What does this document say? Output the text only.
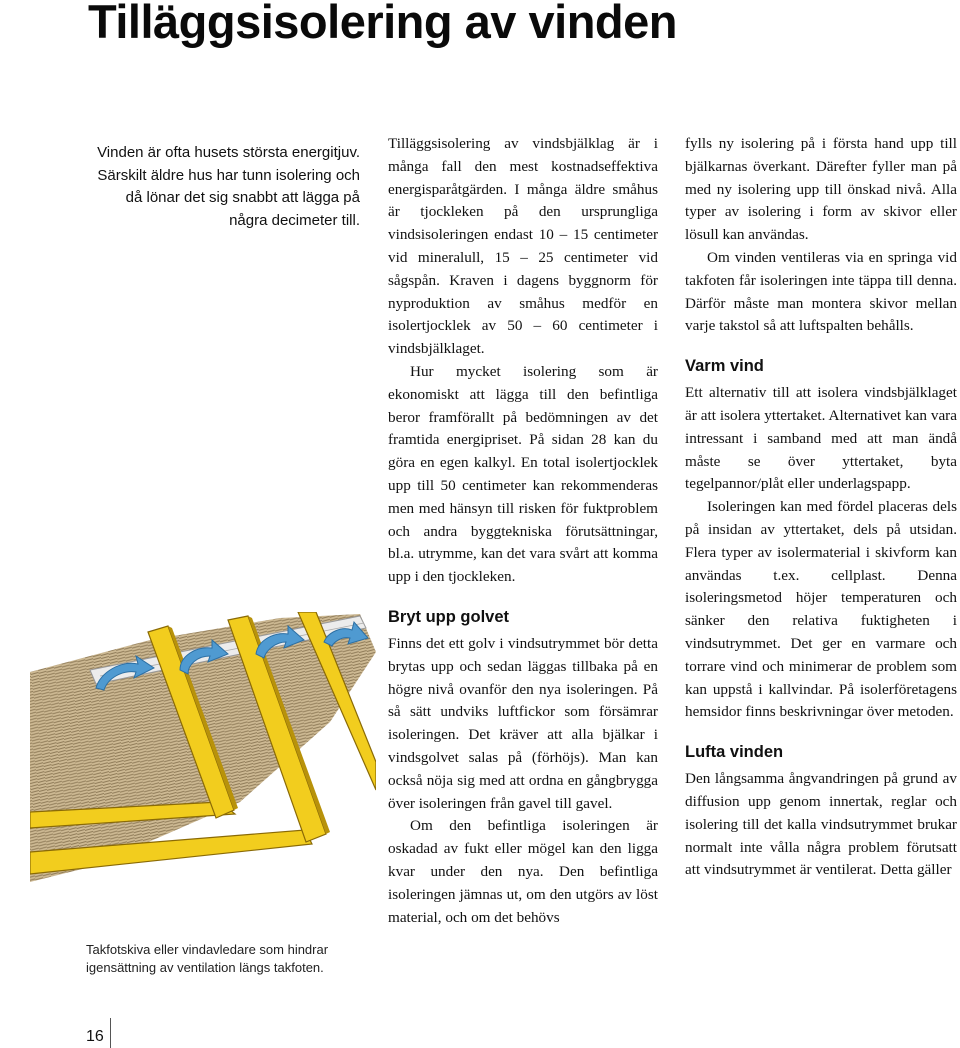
Tilläggsisolering av vinden

Vinden är ofta husets största energitjuv. Särskilt äldre hus har tunn isolering och då lönar det sig snabbt att lägga på några decimeter till.

Tilläggsisolering av vindsbjälklag är i många fall den mest kostnadseffektiva energisparåtgärden. I många äldre småhus är tjockleken på den ursprungliga vindsisoleringen endast 10 – 15 centimeter vid mineralull, 15 – 25 centimeter vid sågspån. Kraven i dagens byggnorm för nyproduktion av småhus medför en isolertjocklek av 50 – 60 centimeter i vindsbjälklaget.

Hur mycket isolering som är ekonomiskt att lägga till den befintliga beror framförallt på bedömningen av det framtida energipriset. På sidan 28 kan du göra en egen kalkyl. En total isolertjocklek upp till 50 centimeter kan rekommenderas men med hänsyn till risken för fuktproblem och andra byggtekniska förutsättningar, bl.a. utrymme, kan det vara svårt att komma upp i den tjockleken.

Bryt upp golvet

Finns det ett golv i vindsutrymmet bör detta brytas upp och sedan läggas tillbaka på en högre nivå ovanför den nya isoleringen. På så sätt undviks luftfickor som försämrar isoleringen. Det kräver att alla bjälkar i vindsgolvet salas på (förhöjs). Man kan också nöja sig med att ordna en gångbrygga över isoleringen från gavel till gavel.

Om den befintliga isoleringen är oskadad av fukt eller mögel kan den ligga kvar under den nya. Den befintliga isoleringen jämnas ut, om den utgörs av löst material, och om det behövs

fylls ny isolering på i första hand upp till bjälkarnas överkant. Därefter fyller man på med ny isolering upp till önskad nivå. Alla typer av isolering i form av skivor eller lösull kan användas.

Om vinden ventileras via en springa vid takfoten får isoleringen inte täppa till denna. Därför måste man montera skivor mellan varje takstol så att luftspalten behålls.

Varm vind

Ett alternativ till att isolera vindsbjälklaget är att isolera yttertaket. Alternativet kan vara intressant i samband med att man ändå måste se över yttertaket, byta tegelpannor/plåt eller underlagspapp.

Isoleringen kan med fördel placeras dels på insidan av yttertaket, dels på utsidan. Flera typer av isolermaterial i skivform kan användas t.ex. cellplast. Denna isoleringsmetod höjer temperaturen och sänker den relativa fuktigheten i vindsutrymmet. Det ger en varmare och torrare vind och minimerar de problem som kan uppstå i kallvindar. På isolerföretagens hemsidor finns beskrivningar över metoden.

Lufta vinden

Den långsamma ångvandringen på grund av diffusion upp genom innertak, reglar och isolering till det kalla vindsutrymmet brukar normalt inte vålla några problem förutsatt att vindsutrymmet är ventilerat. Detta gäller

Takfotskiva eller vindavledare som hindrar igensättning av ventilation längs takfoten.

16
